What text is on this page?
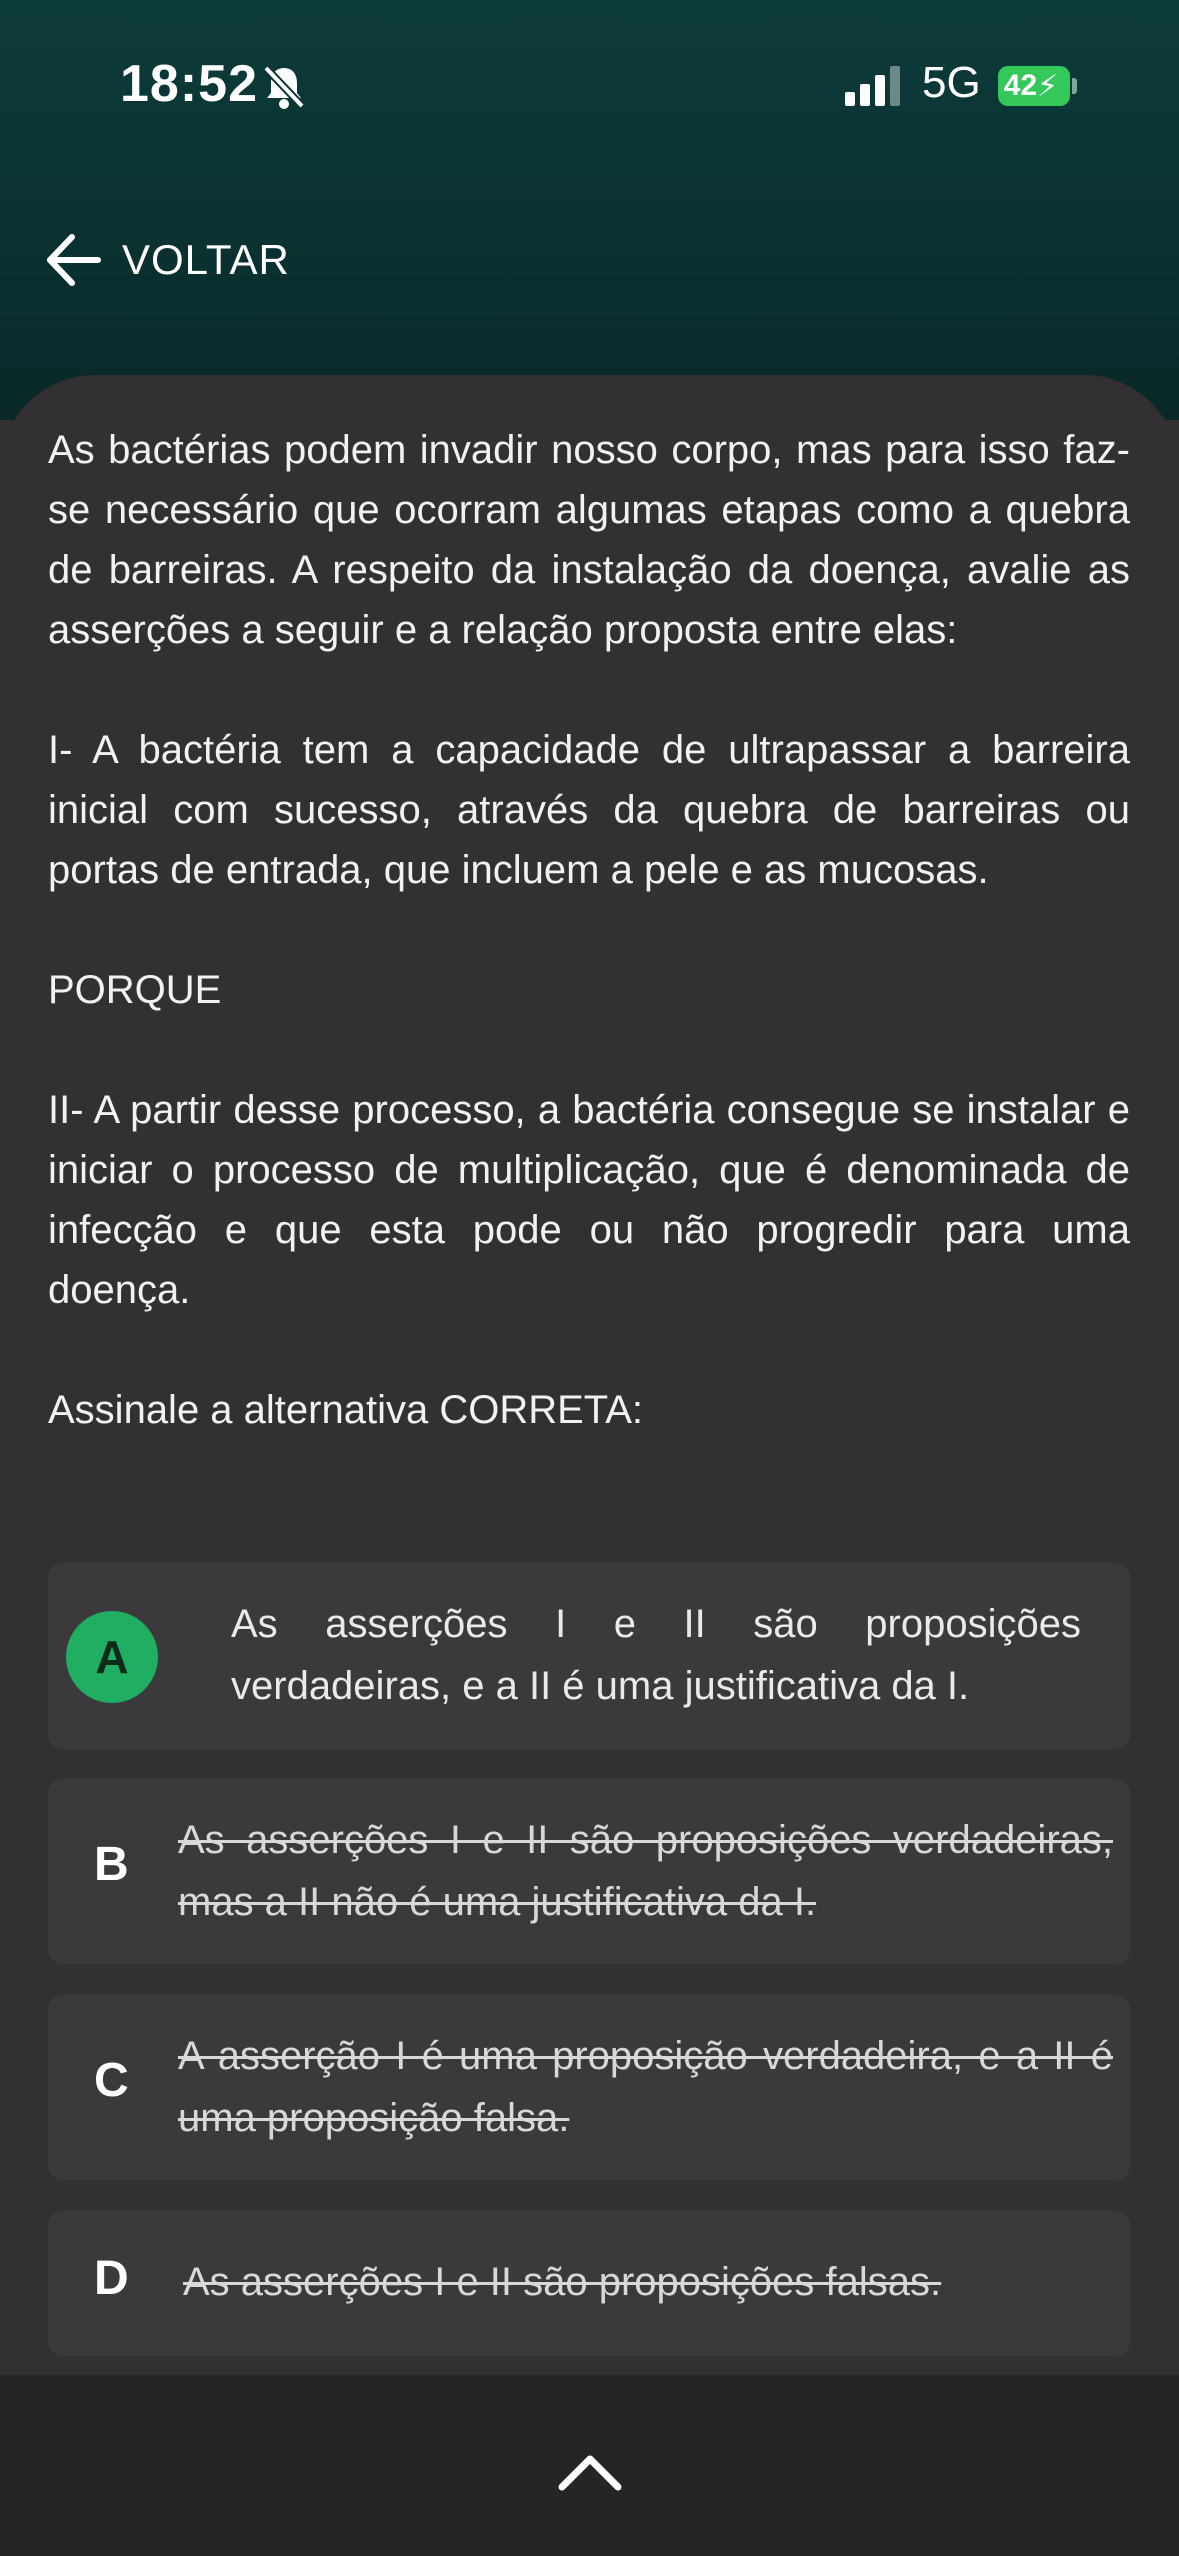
18:52	5G 42 ⚡
VOLTAR

As bactérias podem invadir nosso corpo, mas para isso faz-se necessário que ocorram algumas etapas como a quebra de barreiras. A respeito da instalação da doença, avalie as asserções a seguir e a relação proposta entre elas:

I- A bactéria tem a capacidade de ultrapassar a barreira inicial com sucesso, através da quebra de barreiras ou portas de entrada, que incluem a pele e as mucosas.

PORQUE

II- A partir desse processo, a bactéria consegue se instalar e iniciar o processo de multiplicação, que é denominada de infecção e que esta pode ou não progredir para uma doença.

Assinale a alternativa CORRETA:

A
As asserções I e II são proposições verdadeiras, e a II é uma justificativa da I.
B As asserções I e II são proposições verdadeiras, mas a II não é uma justificativa da I.
C A asserção I é uma proposição verdadeira, e a II é uma proposição falsa.
D As asserções I e II são proposições falsas.
